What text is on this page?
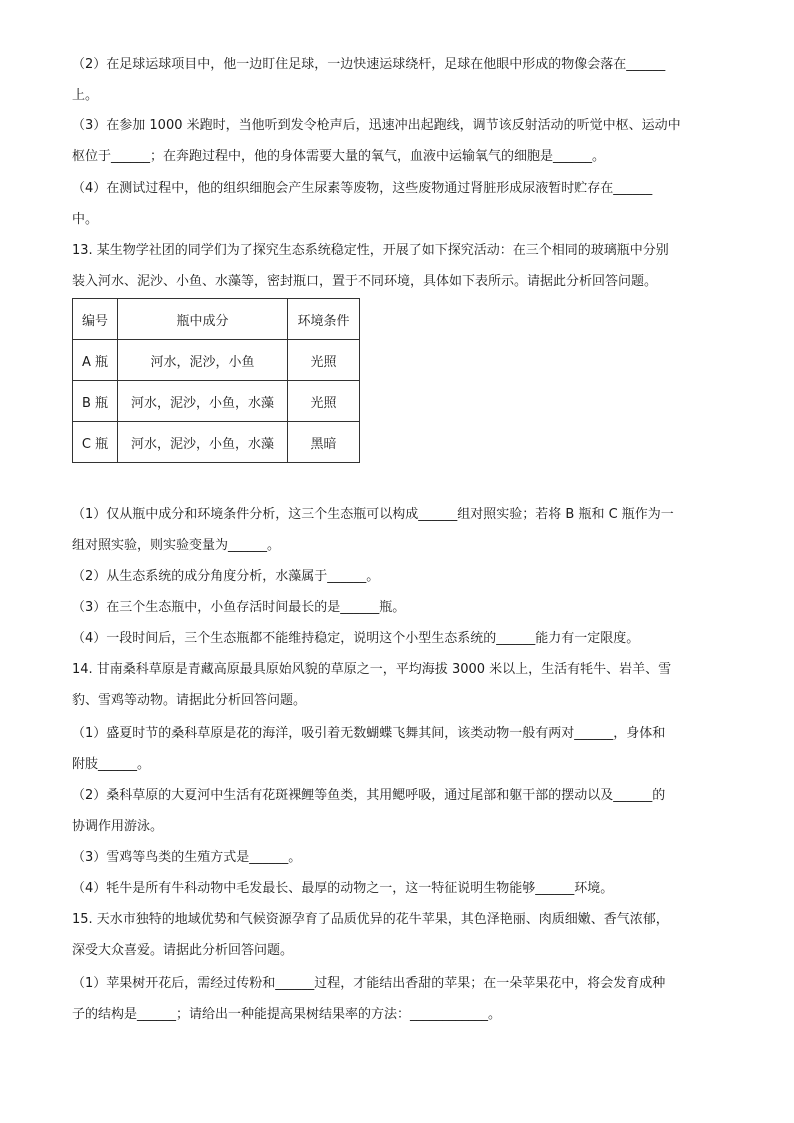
（2）在足球运球项目中，他一边盯住足球，一边快速运球绕杆，足球在他眼中形成的物像会落在______
上。
（3）在参加 1000 米跑时，当他听到发令枪声后，迅速冲出起跑线，调节该反射活动的听觉中枢、运动中
枢位于______；在奔跑过程中，他的身体需要大量的氧气，血液中运输氧气的细胞是______。
（4）在测试过程中，他的组织细胞会产生尿素等废物，这些废物通过肾脏形成尿液暂时贮存在______
中。
13. 某生物学社团的同学们为了探究生态系统稳定性，开展了如下探究活动：在三个相同的玻璃瓶中分别
装入河水、泥沙、小鱼、水藻等，密封瓶口，置于不同环境，具体如下表所示。请据此分析回答问题。
编号	瓶中成分	环境条件
A 瓶	河水，泥沙，小鱼	光照
B 瓶	河水，泥沙，小鱼，水藻	光照
C 瓶	河水，泥沙，小鱼，水藻	黑暗
（1）仅从瓶中成分和环境条件分析，这三个生态瓶可以构成______组对照实验；若将 B 瓶和 C 瓶作为一
组对照实验，则实验变量为______。
（2）从生态系统的成分角度分析，水藻属于______。
（3）在三个生态瓶中，小鱼存活时间最长的是______瓶。
（4）一段时间后，三个生态瓶都不能维持稳定，说明这个小型生态系统的______能力有一定限度。
14. 甘南桑科草原是青藏高原最具原始风貌的草原之一，平均海拔 3000 米以上，生活有牦牛、岩羊、雪
豹、雪鸡等动物。请据此分析回答问题。
（1）盛夏时节的桑科草原是花的海洋，吸引着无数蝴蝶飞舞其间，该类动物一般有两对______，身体和
附肢______。
（2）桑科草原的大夏河中生活有花斑裸鲤等鱼类，其用鳃呼吸，通过尾部和躯干部的摆动以及______的
协调作用游泳。
（3）雪鸡等鸟类的生殖方式是______。
（4）牦牛是所有牛科动物中毛发最长、最厚的动物之一，这一特征说明生物能够______环境。
15. 天水市独特的地域优势和气候资源孕育了品质优异的花牛苹果，其色泽艳丽、肉质细嫩、香气浓郁，
深受大众喜爱。请据此分析回答问题。
（1）苹果树开花后，需经过传粉和______过程，才能结出香甜的苹果；在一朵苹果花中，将会发育成种
子的结构是______；请给出一种能提高果树结果率的方法：____________。
